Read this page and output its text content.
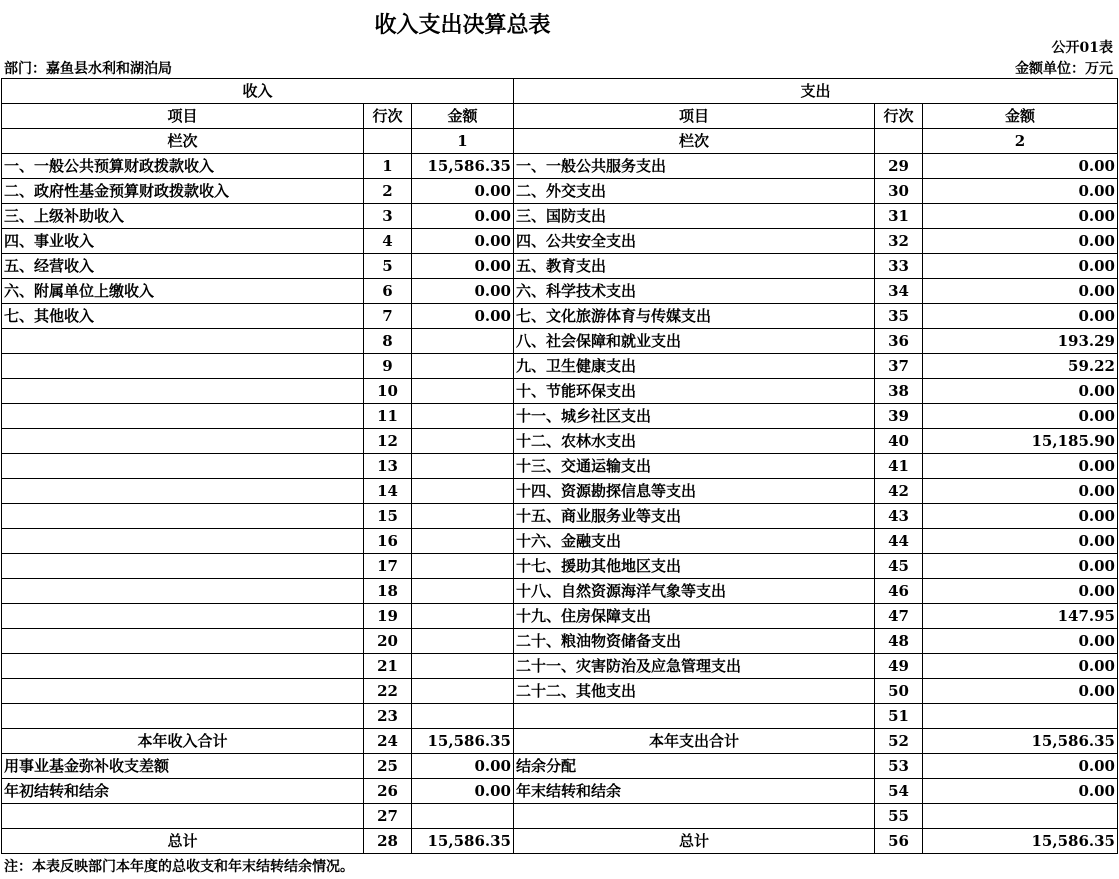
收入支出决算总表
公开01表
部门：嘉鱼县水利和湖泊局	金额单位：万元
收入			支出		
项目	行次	金额	项目	行次	金额
栏次		1	栏次		2
一、一般公共预算财政拨款收入	1	15,586.35	一、一般公共服务支出	29	0.00
二、政府性基金预算财政拨款收入	2	0.00	二、外交支出	30	0.00
三、上级补助收入	3	0.00	三、国防支出	31	0.00
四、事业收入	4	0.00	四、公共安全支出	32	0.00
五、经营收入	5	0.00	五、教育支出	33	0.00
六、附属单位上缴收入	6	0.00	六、科学技术支出	34	0.00
七、其他收入	7	0.00	七、文化旅游体育与传媒支出	35	0.00
	8		八、社会保障和就业支出	36	193.29
	9		九、卫生健康支出	37	59.22
	10		十、节能环保支出	38	0.00
	11		十一、城乡社区支出	39	0.00
	12		十二、农林水支出	40	15,185.90
	13		十三、交通运输支出	41	0.00
	14		十四、资源勘探信息等支出	42	0.00
	15		十五、商业服务业等支出	43	0.00
	16		十六、金融支出	44	0.00
	17		十七、援助其他地区支出	45	0.00
	18		十八、自然资源海洋气象等支出	46	0.00
	19		十九、住房保障支出	47	147.95
	20		二十、粮油物资储备支出	48	0.00
	21		二十一、灾害防治及应急管理支出	49	0.00
	22		二十二、其他支出	50	0.00
	23			51	
本年收入合计	24	15,586.35	本年支出合计	52	15,586.35
用事业基金弥补收支差额	25	0.00	结余分配	53	0.00
年初结转和结余	26	0.00	年末结转和结余	54	0.00
	27			55	
总计	28	15,586.35	总计	56	15,586.35
注：本表反映部门本年度的总收支和年末结转结余情况。
